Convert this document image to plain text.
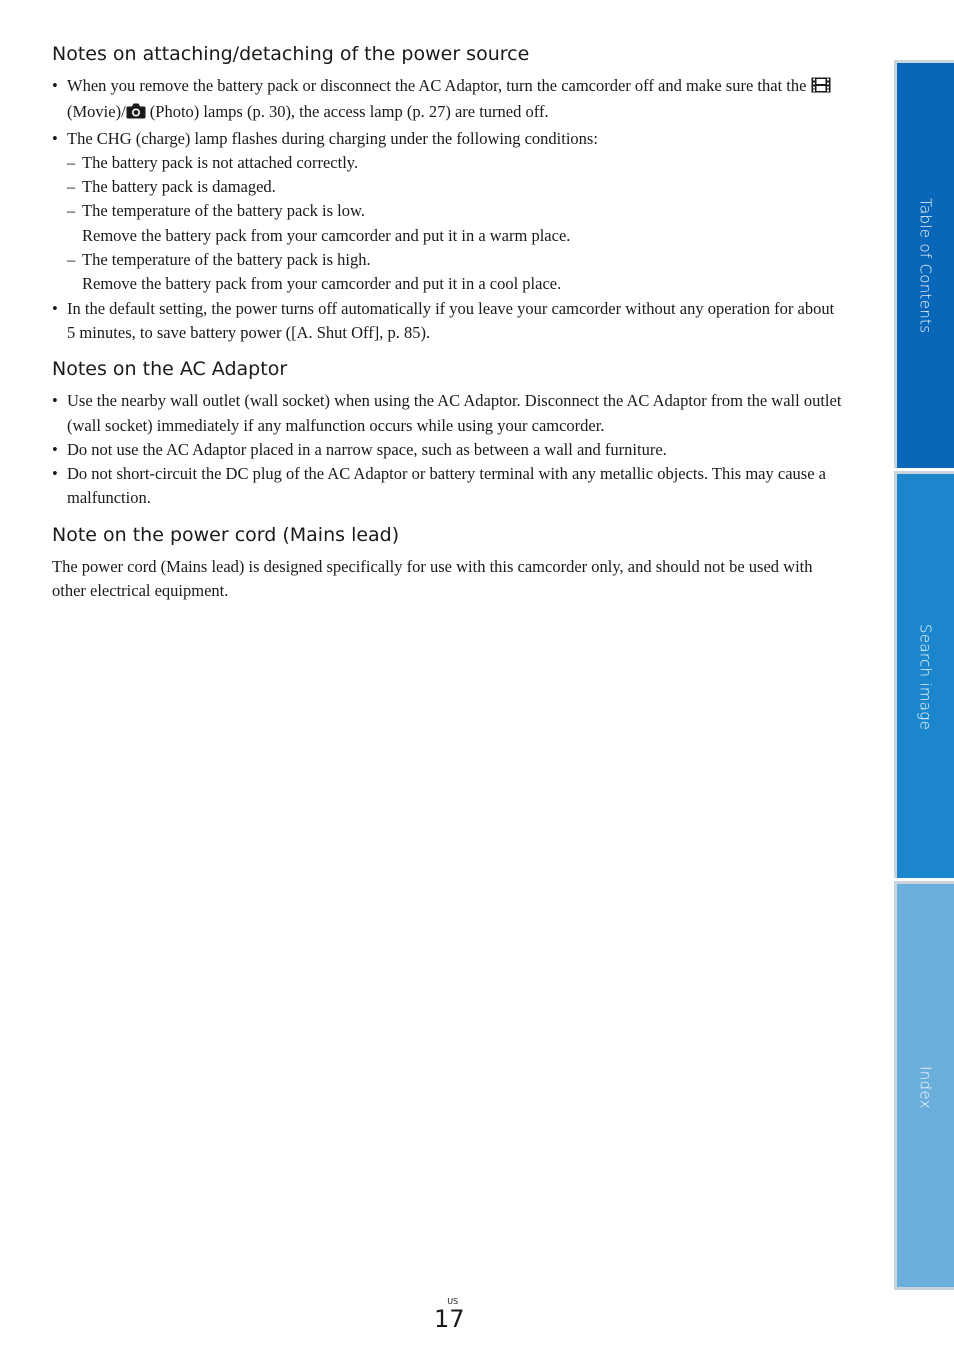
Notes on attaching/detaching of the power source
• When you remove the battery pack or disconnect the AC Adaptor, turn the camcorder off and make sure that the  (Movie)/ (Photo) lamps (p. 30), the access lamp (p. 27) are turned off.
• The CHG (charge) lamp flashes during charging under the following conditions:
– The battery pack is not attached correctly.
– The battery pack is damaged.
– The temperature of the battery pack is low.
Remove the battery pack from your camcorder and put it in a warm place.
– The temperature of the battery pack is high.
Remove the battery pack from your camcorder and put it in a cool place.
• In the default setting, the power turns off automatically if you leave your camcorder without any operation for about 5 minutes, to save battery power ([A. Shut Off], p. 85).
Notes on the AC Adaptor
• Use the nearby wall outlet (wall socket) when using the AC Adaptor. Disconnect the AC Adaptor from the wall outlet (wall socket) immediately if any malfunction occurs while using your camcorder.
• Do not use the AC Adaptor placed in a narrow space, such as between a wall and furniture.
• Do not short-circuit the DC plug of the AC Adaptor or battery terminal with any metallic objects. This may cause a malfunction.
Note on the power cord (Mains lead)
The power cord (Mains lead) is designed specifically for use with this camcorder only, and should not be used with other electrical equipment.
Table of Contents
Search image
Index
US
17
